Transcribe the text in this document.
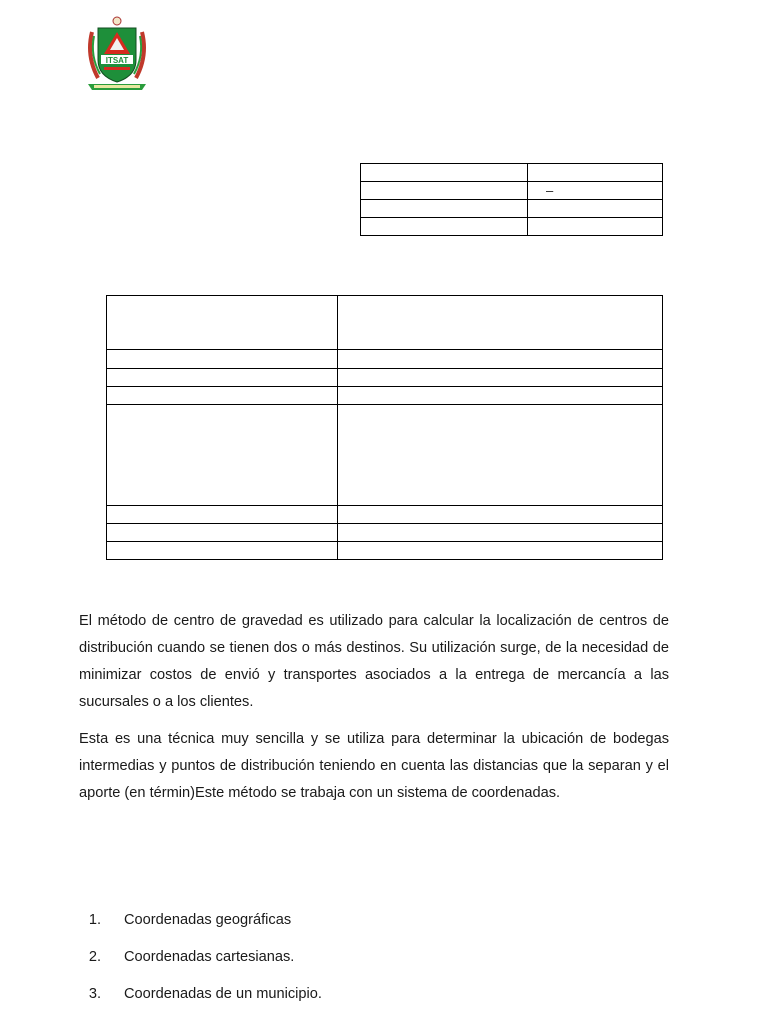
ITSAT

	–

El método de centro de gravedad es utilizado para calcular la localización de centros de distribución cuando se tienen dos o más destinos. Su utilización surge, de la necesidad de minimizar costos de envió y transportes asociados a la entrega de mercancía a las sucursales o a los clientes.

Esta es una técnica muy sencilla y se utiliza para determinar la ubicación de bodegas intermedias y puntos de distribución teniendo en cuenta las distancias que la separan y el aporte (en términ)Este método se trabaja con un sistema de coordenadas.

1. Coordenadas geográficas
2. Coordenadas cartesianas.
3. Coordenadas de un municipio.
